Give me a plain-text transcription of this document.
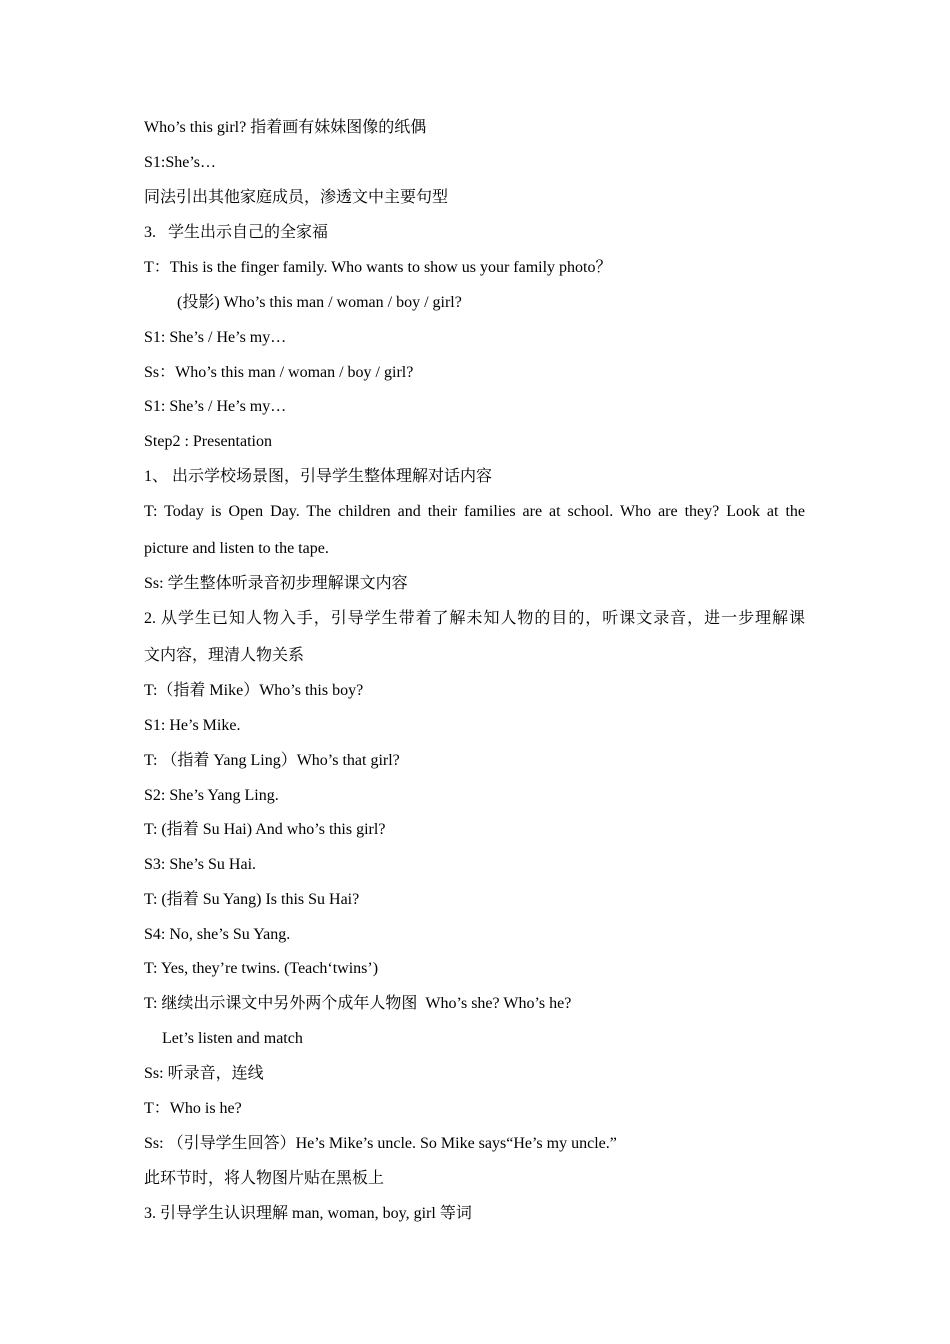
Who’s this girl? 指着画有妹妹图像的纸偶
S1:She’s…
同法引出其他家庭成员，渗透文中主要句型
3.   学生出示自己的全家福
T：This is the finger family. Who wants to show us your family photo？
(投影) Who’s this man / woman / boy / girl?
S1: She’s / He’s my…
Ss：Who’s this man / woman / boy / girl?
S1: She’s / He’s my…
Step2 : Presentation
1、 出示学校场景图，引导学生整体理解对话内容
T: Today is Open Day. The children and their families are at school. Who are they? Look at the
picture and listen to the tape.
Ss: 学生整体听录音初步理解课文内容
2. 从学生已知人物入手，引导学生带着了解未知人物的目的，听课文录音，进一步理解课
文内容，理清人物关系
T:（指着 Mike）Who’s this boy?
S1: He’s Mike.
T: （指着 Yang Ling）Who’s that girl?
S2: She’s Yang Ling.
T: (指着 Su Hai) And who’s this girl?
S3: She’s Su Hai.
T: (指着 Su Yang) Is this Su Hai?
S4: No, she’s Su Yang.
T: Yes, they’re twins. (Teach‘twins’)
T: 继续出示课文中另外两个成年人物图  Who’s she? Who’s he?
Let’s listen and match
Ss: 听录音，连线
T：Who is he?
Ss: （引导学生回答）He’s Mike’s uncle. So Mike says“He’s my uncle.”
此环节时，将人物图片贴在黑板上
3. 引导学生认识理解 man, woman, boy, girl 等词
